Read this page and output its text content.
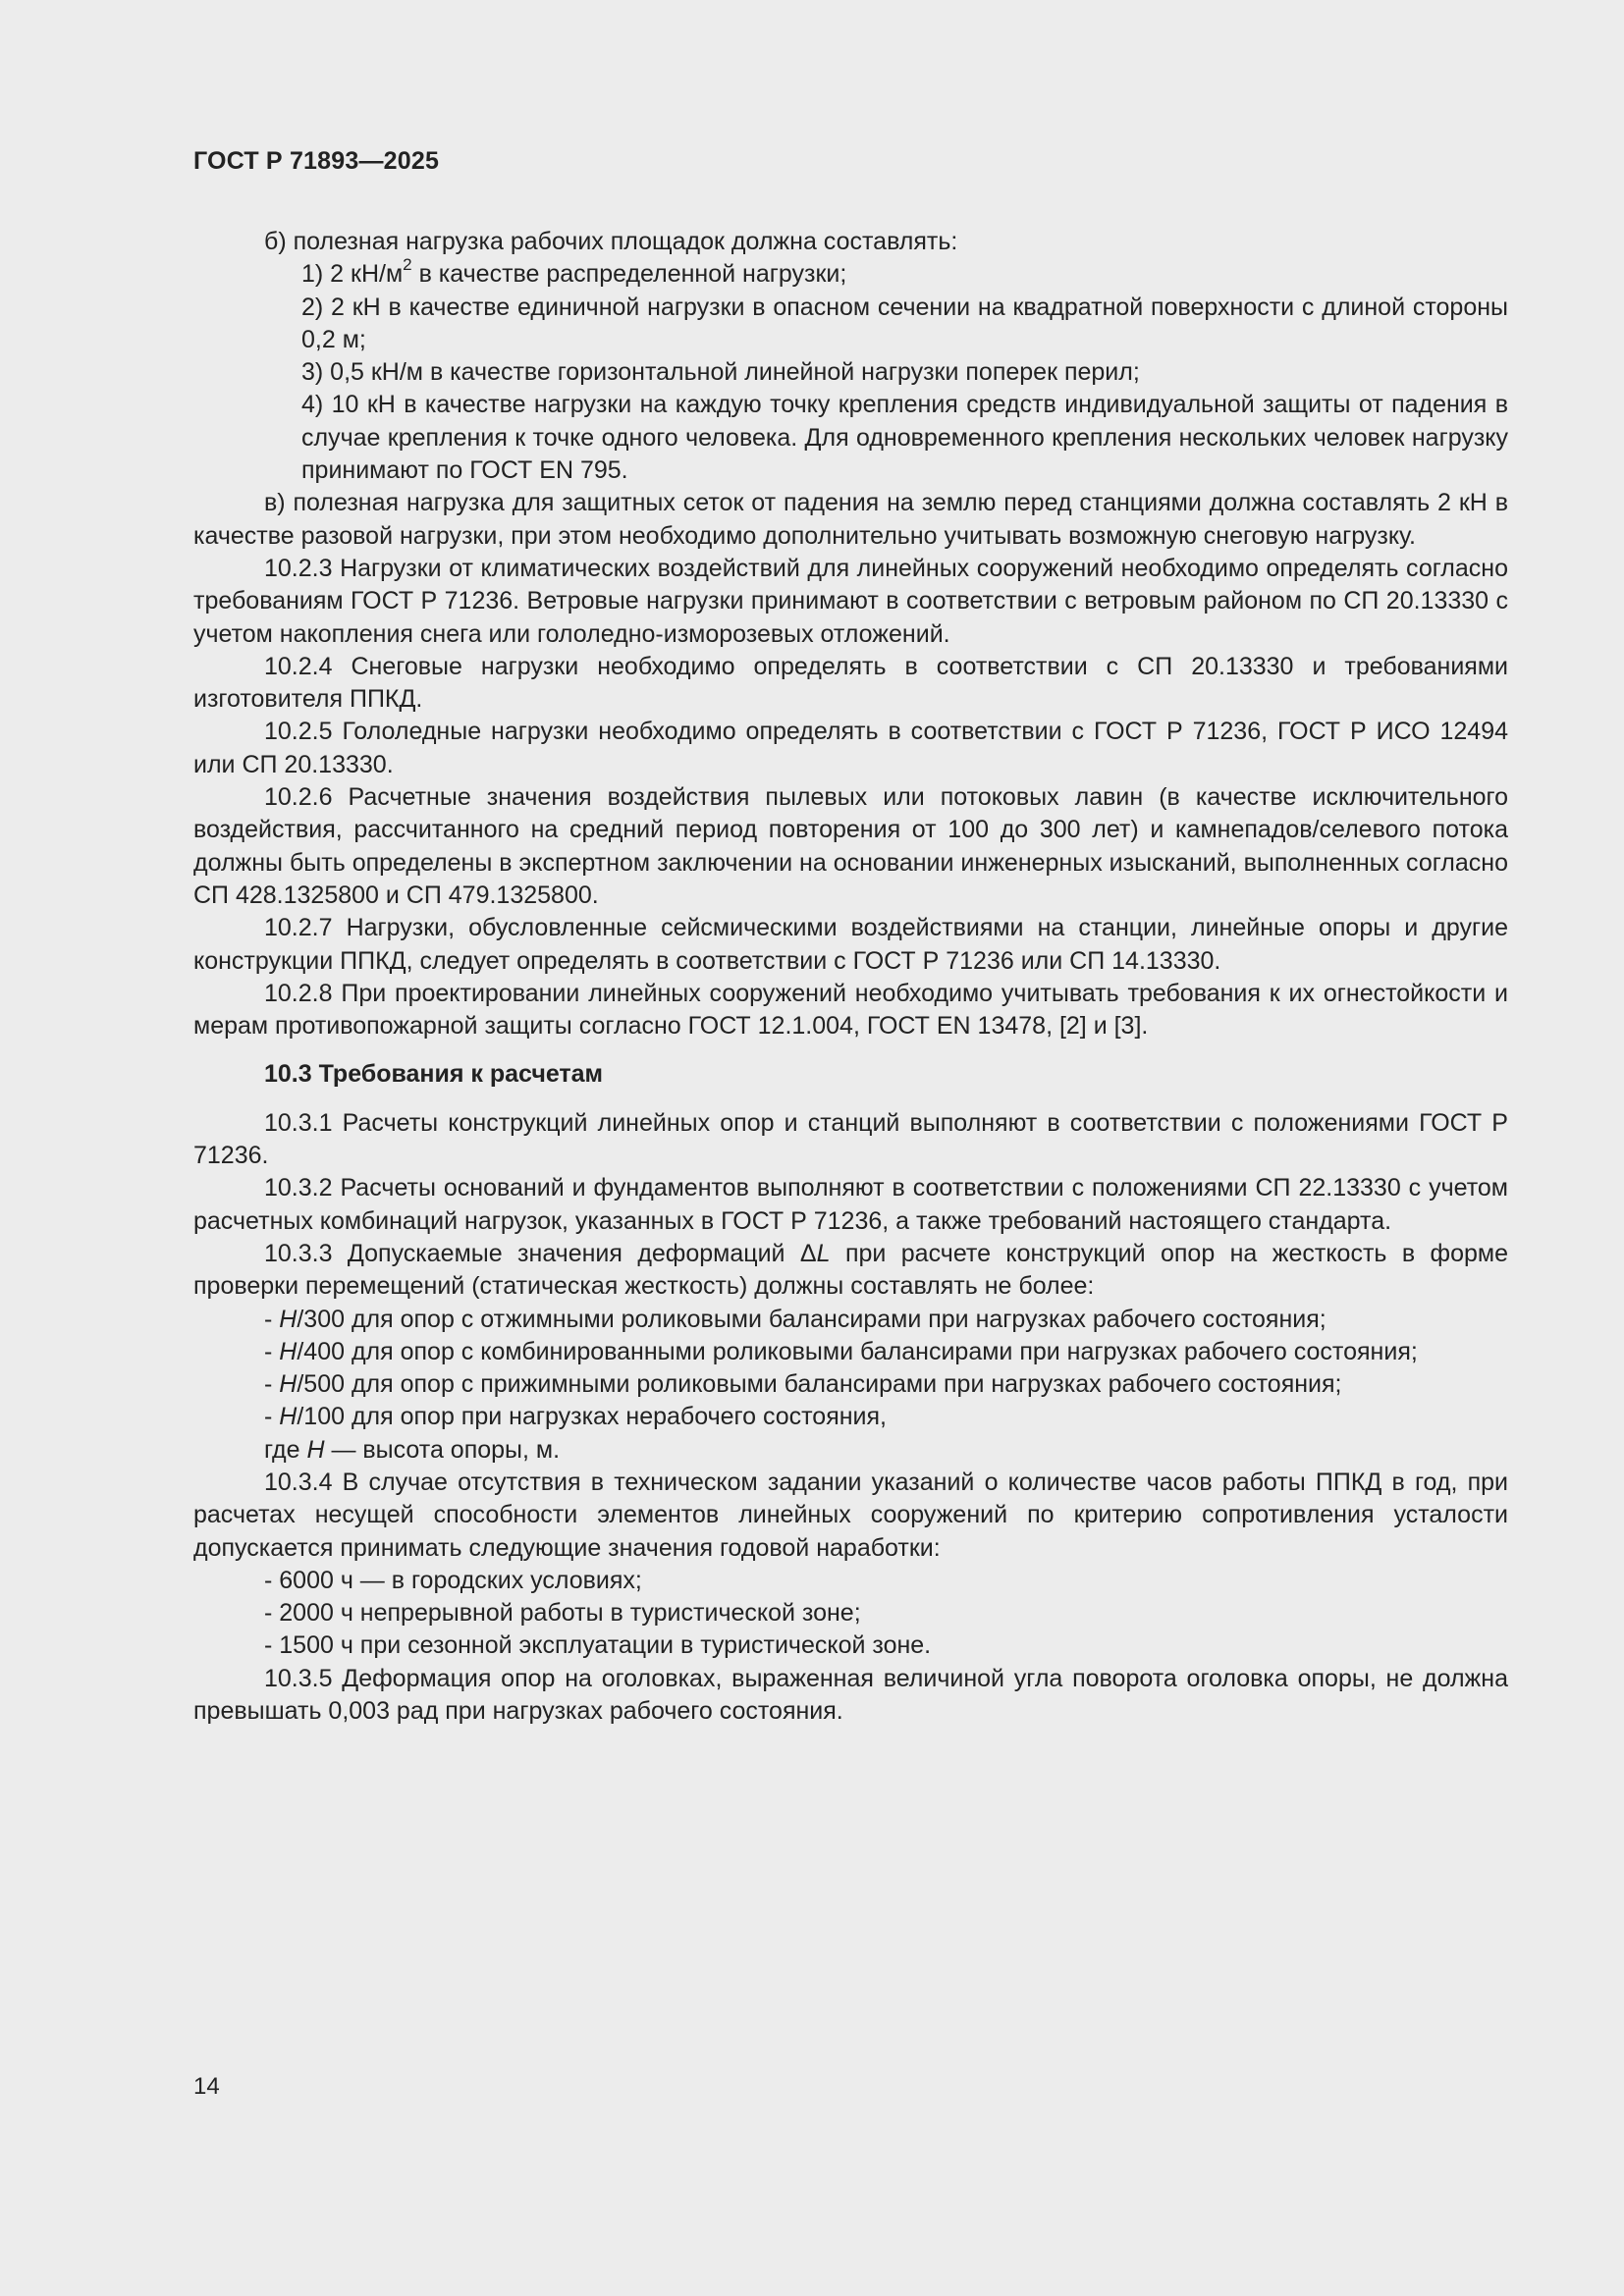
ГОСТ Р 71893—2025

б) полезная нагрузка рабочих площадок должна составлять:

1) 2 $кН/м^2$ в качестве распределенной нагрузки;

2) 2 кН в качестве единичной нагрузки в опасном сечении на квадратной поверхности с длиной стороны 0,2 м;

3) 0,5 кН/м в качестве горизонтальной линейной нагрузки поперек перил;

4) 10 кН в качестве нагрузки на каждую точку крепления средств индивидуальной защиты от падения в случае крепления к точке одного человека. Для одновременного крепления нескольких человек нагрузку принимают по ГОСТ EN 795.

в) полезная нагрузка для защитных сеток от падения на землю перед станциями должна составлять 2 кН в качестве разовой нагрузки, при этом необходимо дополнительно учитывать возможную снеговую нагрузку.

10.2.3 Нагрузки от климатических воздействий для линейных сооружений необходимо определять согласно требованиям ГОСТ Р 71236. Ветровые нагрузки принимают в соответствии с ветровым районом по СП 20.13330 с учетом накопления снега или гололедно-изморозевых отложений.

10.2.4 Снеговые нагрузки необходимо определять в соответствии с СП 20.13330 и требованиями изготовителя ППКД.

10.2.5 Гололедные нагрузки необходимо определять в соответствии с ГОСТ Р 71236, ГОСТ Р ИСО 12494 или СП 20.13330.

10.2.6 Расчетные значения воздействия пылевых или потоковых лавин (в качестве исключительного воздействия, рассчитанного на средний период повторения от 100 до 300 лет) и камнепадов/селевого потока должны быть определены в экспертном заключении на основании инженерных изысканий, выполненных согласно СП 428.1325800 и СП 479.1325800.

10.2.7 Нагрузки, обусловленные сейсмическими воздействиями на станции, линейные опоры и другие конструкции ППКД, следует определять в соответствии с ГОСТ Р 71236 или СП 14.13330.

10.2.8 При проектировании линейных сооружений необходимо учитывать требования к их огнестойкости и мерам противопожарной защиты согласно ГОСТ 12.1.004, ГОСТ EN 13478, [2] и [3].

10.3 Требования к расчетам

10.3.1 Расчеты конструкций линейных опор и станций выполняют в соответствии с положениями ГОСТ Р 71236.

10.3.2 Расчеты оснований и фундаментов выполняют в соответствии с положениями СП 22.13330 с учетом расчетных комбинаций нагрузок, указанных в ГОСТ Р 71236, а также требований настоящего стандарта.

10.3.3 Допускаемые значения деформаций ΔL при расчете конструкций опор на жесткость в форме проверки перемещений (статическая жесткость) должны составлять не более:

- H/300 для опор с отжимными роликовыми балансирами при нагрузках рабочего состояния;

- H/400 для опор с комбинированными роликовыми балансирами при нагрузках рабочего состояния;

- H/500 для опор с прижимными роликовыми балансирами при нагрузках рабочего состояния;

- H/100 для опор при нагрузках нерабочего состояния,

где H — высота опоры, м.

10.3.4 В случае отсутствия в техническом задании указаний о количестве часов работы ППКД в год, при расчетах несущей способности элементов линейных сооружений по критерию сопротивления усталости допускается принимать следующие значения годовой наработки:

- 6000 ч — в городских условиях;

- 2000 ч непрерывной работы в туристической зоне;

- 1500 ч при сезонной эксплуатации в туристической зоне.

10.3.5 Деформация опор на оголовках, выраженная величиной угла поворота оголовка опоры, не должна превышать 0,003 рад при нагрузках рабочего состояния.

14
